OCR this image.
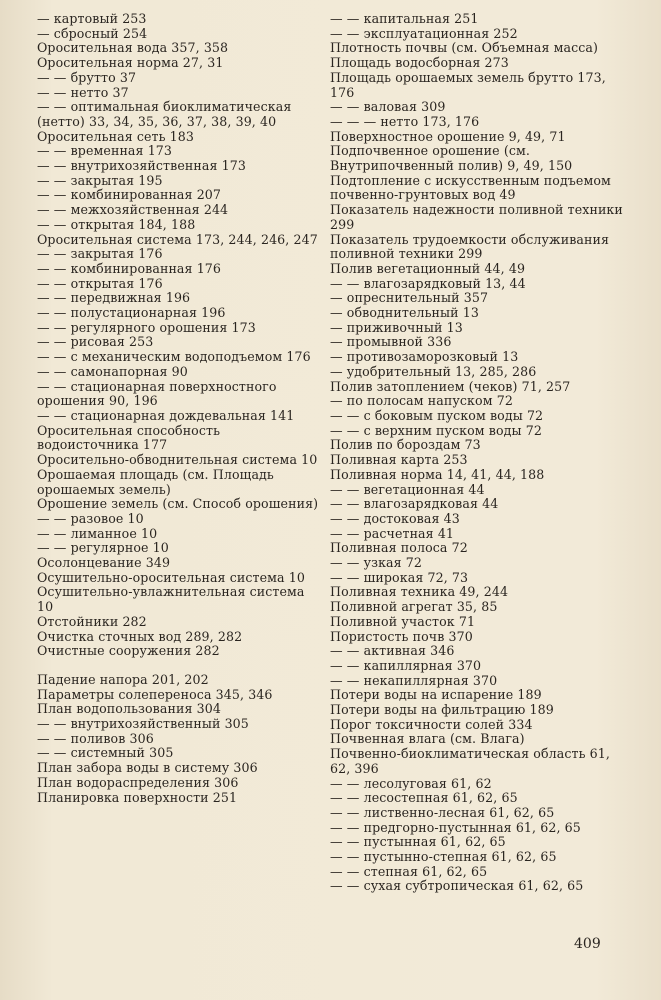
— картовый 253
— сбросный 254
Оросительная вода 357, 358
Оросительная норма 27, 31
— — брутто 37
— — нетто 37
— — оптимальная биоклиматическая (нетто) 33, 34, 35, 36, 37, 38, 39, 40
Оросительная сеть 183
— — временная 173
— — внутрихозяйственная 173
— — закрытая 195
— — комбинированная 207
— — межхозяйственная 244
— — открытая 184, 188
Оросительная система 173, 244, 246, 247
— — закрытая 176
— — комбинированная 176
— — открытая 176
— — передвижная 196
— — полустационарная 196
— — регулярного орошения 173
— — рисовая 253
— — с механическим водоподъемом 176
— — самонапорная 90
— — стационарная поверхностного орошения 90, 196
— — стационарная дождевальная 141
Оросительная способность водоисточника 177
Оросительно-обводнительная система 10
Орошаемая площадь (см. Площадь орошаемых земель)
Орошение земель (см. Способ орошения)
— — разовое 10
— — лиманное 10
— — регулярное 10
Осолонцевание 349
Осушительно-оросительная система 10
Осушительно-увлажнительная система 10
Отстойники 282
Очистка сточных вод 289, 282
Очистные сооружения 282
Падение напора 201, 202
Параметры солепереноса 345, 346
План водопользования 304
— — внутрихозяйственный 305
— — поливов 306
— — системный 305
План забора воды в систему 306
План водораспределения 306
Планировка поверхности 251
— — капитальная 251
— — эксплуатационная 252
Плотность почвы (см. Объемная масса)
Площадь водосборная 273
Площадь орошаемых земель брутто 173, 176
— — валовая 309
— — — нетто 173, 176
Поверхностное орошение 9, 49, 71
Подпочвенное орошение (см. Внутрипочвенный полив) 9, 49, 150
Подтопление с искусственным подъемом почвенно-грунтовых вод 49
Показатель надежности поливной техники 299
Показатель трудоемкости обслуживания поливной техники 299
Полив вегетационный 44, 49
— — влагозарядковый 13, 44
— опреснительный 357
— обводнительный 13
— приживочный 13
— промывной 336
— противозаморозковый 13
— удобрительный 13, 285, 286
Полив затоплением (чеков) 71, 257
— по полосам напуском 72
— — с боковым пуском воды 72
— — с верхним пуском воды 72
Полив по бороздам 73
Поливная карта 253
Поливная норма 14, 41, 44, 188
— — вегетационная 44
— — влагозарядковая 44
— — достоковая 43
— — расчетная 41
Поливная полоса 72
— — узкая 72
— — широкая 72, 73
Поливная техника 49, 244
Поливной агрегат 35, 85
Поливной участок 71
Пористость почв 370
— — активная 346
— — капиллярная 370
— — некапиллярная 370
Потери воды на испарение 189
Потери воды на фильтрацию 189
Порог токсичности солей 334
Почвенная влага (см. Влага)
Почвенно-биоклиматическая область 61, 62, 396
— — лесолуговая 61, 62
— — лесостепная 61, 62, 65
— — лиственно-лесная 61, 62, 65
— — предгорно-пустынная 61, 62, 65
— — пустынная 61, 62, 65
— — пустынно-степная 61, 62, 65
— — степная 61, 62, 65
— — сухая субтропическая 61, 62, 65
409
